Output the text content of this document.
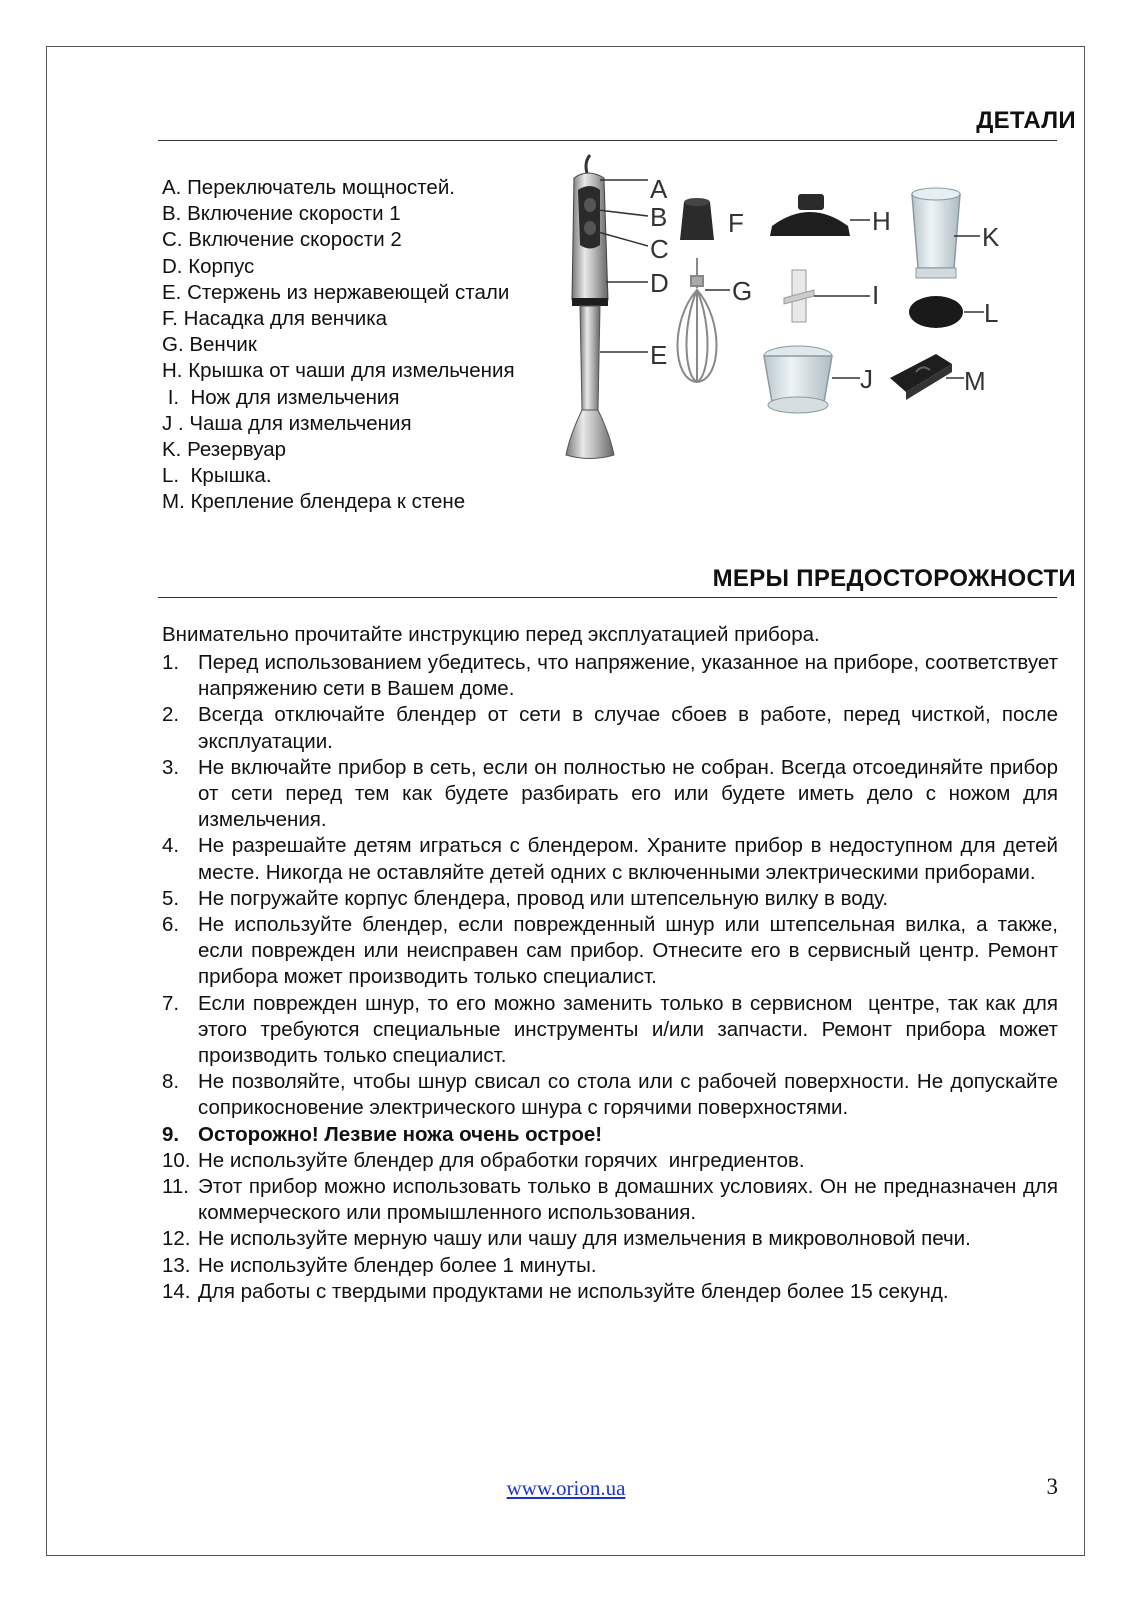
ДЕТАЛИ
A. Переключатель мощностей.
B. Включение скорости 1
C. Включение скорости 2
D. Корпус
E. Стержень из нержавеющей стали
F. Насадка для венчика
G. Венчик
H. Крышка от чаши для измельчения
I.  Нож для измельчения
J . Чаша для измельчения
K. Резервуар
L.  Крышка.
M. Крепление блендера к стене
A
B
C
D
E
F
G
H
K
I
L
J	M
МЕРЫ ПРЕДОСТОРОЖНОСТИ
Внимательно прочитайте инструкцию перед эксплуатацией прибора.
1. Перед использованием убедитесь, что напряжение, указанное на приборе, соответствует напряжению сети в Вашем доме.
2. Всегда отключайте блендер от сети в случае сбоев в работе, перед чисткой, после эксплуатации.
3. Не включайте прибор в сеть, если он полностью не собран. Всегда отсоединяйте прибор от сети перед тем как будете разбирать его или будете иметь дело с ножом для измельчения.
4. Не разрешайте детям играться с блендером. Храните прибор в недоступном для детей месте. Никогда не оставляйте детей одних с включенными электрическими приборами.
5. Не погружайте корпус блендера, провод или штепсельную вилку в воду.
6. Не используйте блендер, если поврежденный шнур или штепсельная вилка, а также, если поврежден или неисправен сам прибор. Отнесите его в сервисный центр. Ремонт прибора может производить только специалист.
7. Если поврежден шнур, то его можно заменить только в сервисном  центре, так как для этого требуются специальные инструменты и/или запчасти. Ремонт прибора может производить только специалист.
8. Не позволяйте, чтобы шнур свисал со стола или с рабочей поверхности. Не допускайте соприкосновение электрического шнура с горячими поверхностями.
9. Осторожно! Лезвие ножа очень острое!
10. Не используйте блендер для обработки горячих  ингредиентов.
11. Этот прибор можно использовать только в домашних условиях. Он не предназначен для коммерческого или промышленного использования.
12. Не используйте мерную чашу или чашу для измельчения в микроволновой печи.
13. Не используйте блендер более 1 минуты.
14. Для работы с твердыми продуктами не используйте блендер более 15 секунд.
www.orion.ua	3
